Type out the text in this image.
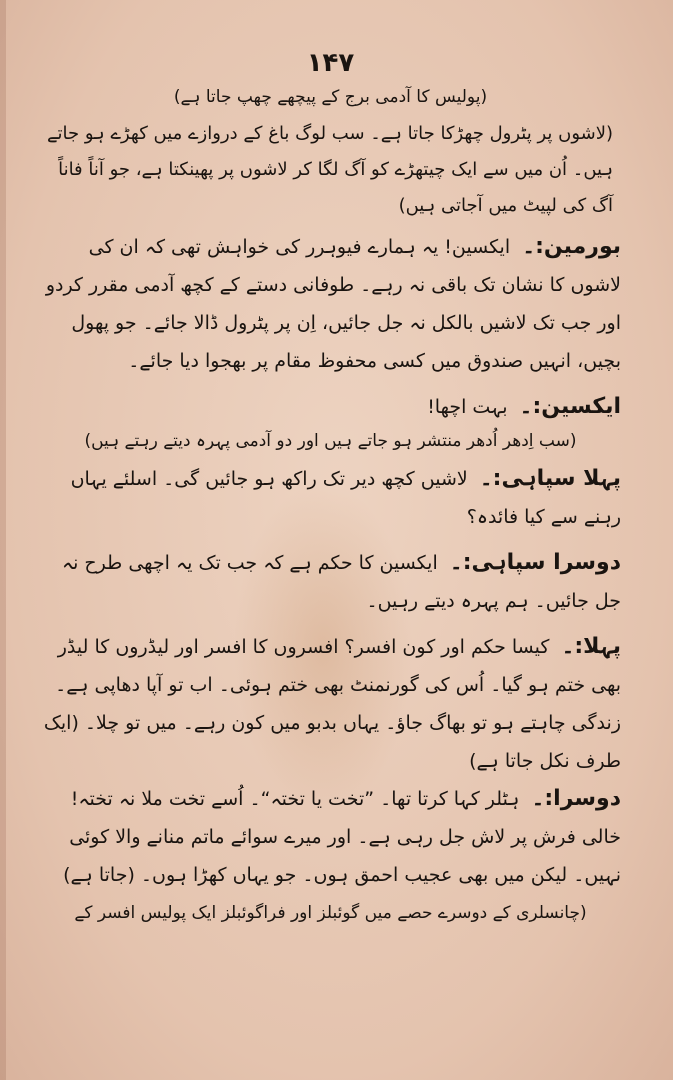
۱۴۷

(پولیس کا آدمی برج کے پیچھے چھپ جاتا ہے)

(لاشوں پر پٹرول چھڑکا جاتا ہے۔ سب لوگ باغ کے دروازے میں کھڑے ہو جاتے ہیں۔ اُن میں سے ایک چیتھڑے کو آگ لگا کر لاشوں پر پھینکتا ہے، جو آناً فاناً آگ کی لپیٹ میں آجاتی ہیں)

بورمین:۔ ایکسین! یہ ہمارے فیوہرر کی خواہش تھی کہ ان کی لاشوں کا نشان تک باقی نہ رہے۔ طوفانی دستے کے کچھ آدمی مقرر کردو اور جب تک لاشیں بالکل نہ جل جائیں، اِن پر پٹرول ڈالا جائے۔ جو پھول بچیں، انہیں صندوق میں کسی محفوظ مقام پر بھجوا دیا جائے۔

ایکسین:۔ بہت اچھا!

(سب اِدھر اُدھر منتشر ہو جاتے ہیں اور دو آدمی پہرہ دیتے رہتے ہیں)

پہلا سپاہی:۔ لاشیں کچھ دیر تک راکھ ہو جائیں گی۔ اسلئے یہاں رہنے سے کیا فائدہ؟

دوسرا سپاہی:۔ ایکسین کا حکم ہے کہ جب تک یہ اچھی طرح نہ جل جائیں۔ ہم پہرہ دیتے رہیں۔

پہلا:۔ کیسا حکم اور کون افسر؟ افسروں کا افسر اور لیڈروں کا لیڈر بھی ختم ہو گیا۔ اُس کی گورنمنٹ بھی ختم ہوئی۔ اب تو آپا دھاپی ہے۔ زندگی چاہتے ہو تو بھاگ جاؤ۔ یہاں بدبو میں کون رہے۔ میں تو چلا۔ (ایک طرف نکل جاتا ہے)

دوسرا:۔ ہٹلر کہا کرتا تھا۔ ”تخت یا تختہ“۔ اُسے تخت ملا نہ تختہ! خالی فرش پر لاش جل رہی ہے۔ اور میرے سوائے ماتم منانے والا کوئی نہیں۔ لیکن میں بھی عجیب احمق ہوں۔ جو یہاں کھڑا ہوں۔ (جاتا ہے)

(چانسلری کے دوسرے حصے میں گوئبلز اور فراگوئبلز ایک پولیس افسر کے
